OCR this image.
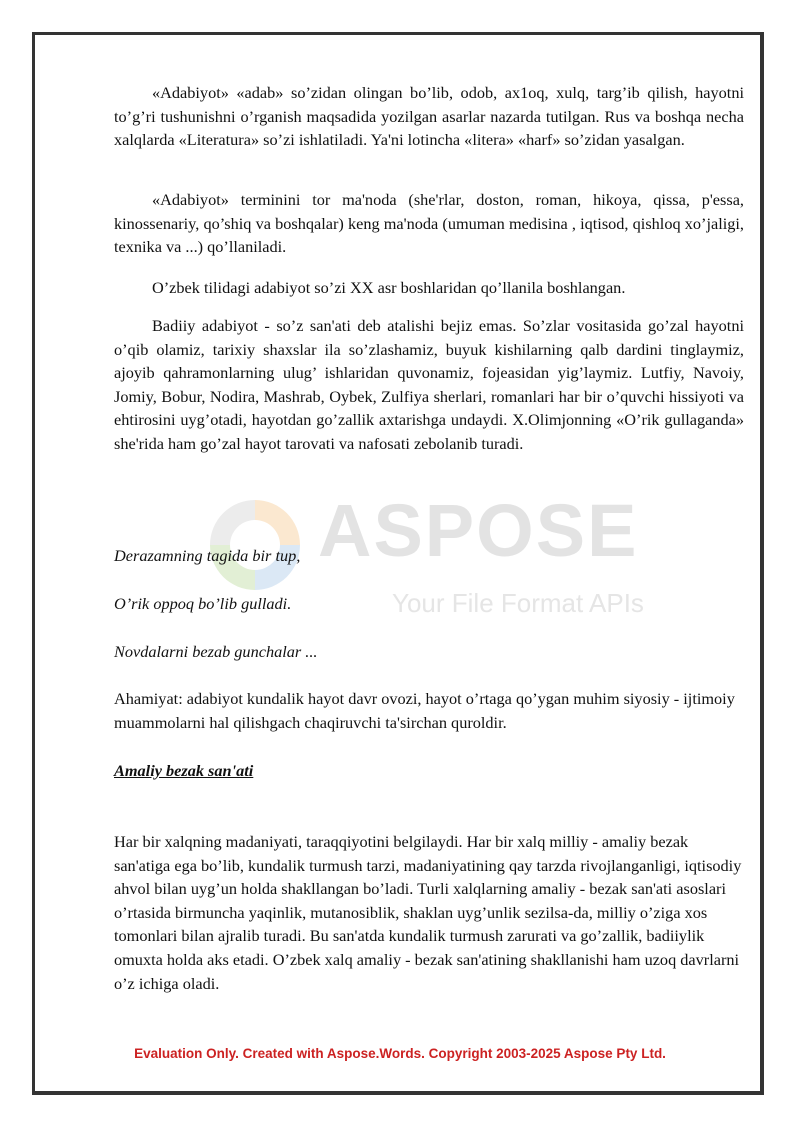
ASPOSE
Your File Format APIs

«Adabiyot» «adab» so’zidan olingan bo’lib, odob, ax1oq, xulq, targ’ib qilish, hayotni to’g’ri tushunishni o’rganish maqsadida yozilgan asarlar nazarda tutilgan. Rus va boshqa necha xalqlarda «Literatura» so’zi ishlatiladi. Ya'ni lotincha «litera» «harf» so’zidan yasalgan.

«Adabiyot» terminini tor ma'noda (she'rlar, doston, roman, hikoya, qissa, p'essa, kinossenariy, qo’shiq va boshqalar) keng ma'noda (umuman medisina , iqtisod, qishloq xo’jaligi, texnika va ...) qo’llaniladi.

O’zbek tilidagi adabiyot so’zi XX asr boshlaridan qo’llanila boshlangan.

Badiiy adabiyot - so’z san'ati deb atalishi bejiz emas. So’zlar vositasida go’zal hayotni o’qib olamiz, tarixiy shaxslar ila so’zlashamiz, buyuk kishilarning qalb dardini tinglaymiz, ajoyib qahramonlarning ulug’ ishlaridan quvonamiz, fojeasidan yig’laymiz. Lutfiy, Navoiy, Jomiy, Bobur, Nodira, Mashrab, Oybek, Zulfiya sherlari, romanlari har bir o’quvchi hissiyoti va ehtirosini uyg’otadi, hayotdan go’zallik axtarishga undaydi. X.Olimjonning «O’rik gullaganda» she'rida ham go’zal hayot tarovati va nafosati zebolanib turadi.

Derazamning tagida bir tup,

O’rik oppoq bo’lib gulladi.

Novdalarni bezab gunchalar ...

Ahamiyat: adabiyot kundalik hayot davr ovozi, hayot o’rtaga qo’ygan muhim siyosiy - ijtimoiy muammolarni hal qilishgach chaqiruvchi ta'sirchan quroldir.

Amaliy bezak san'ati

Har bir xalqning madaniyati, taraqqiyotini belgilaydi. Har bir xalq milliy - amaliy bezak san'atiga ega bo’lib, kundalik turmush tarzi, madaniyatining qay tarzda rivojlanganligi, iqtisodiy ahvol bilan uyg’un holda shakllangan bo’ladi. Turli xalqlarning amaliy - bezak san'ati asoslari o’rtasida birmuncha yaqinlik, mutanosiblik, shaklan uyg’unlik sezilsa-da, milliy o’ziga xos tomonlari bilan ajralib turadi. Bu san'atda kundalik turmush zarurati va go’zallik, badiiylik omuxta holda aks etadi. O’zbek xalq amaliy - bezak san'atining shakllanishi ham uzoq davrlarni o’z ichiga oladi.

Evaluation Only. Created with Aspose.Words. Copyright 2003-2025 Aspose Pty Ltd.
